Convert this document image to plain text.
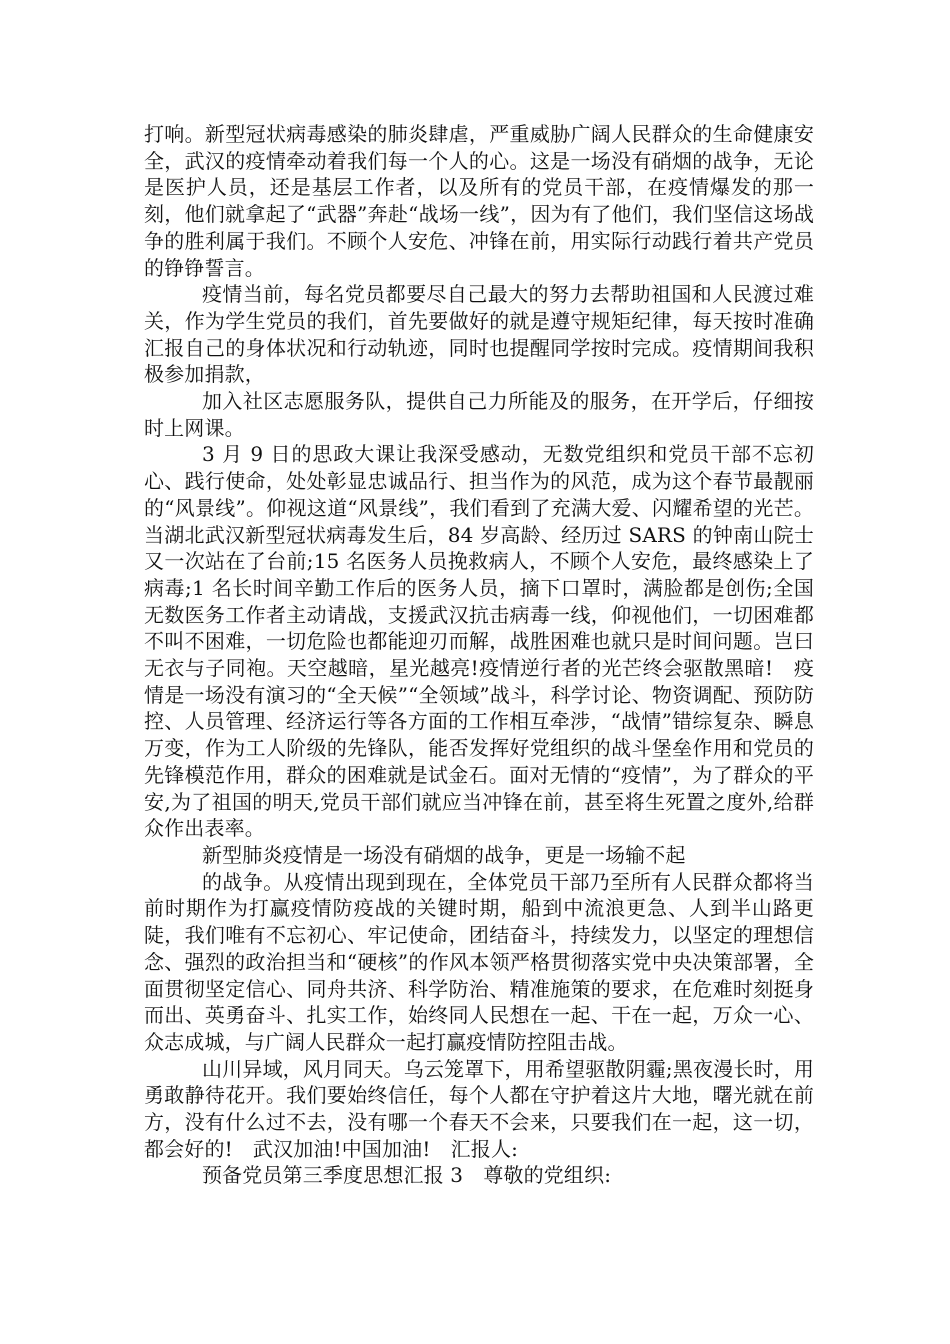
打响。新型冠状病毒感染的肺炎肆虐，严重威胁广阔人民群众的生命健康安全，武汉的疫情牵动着我们每一个人的心。这是一场没有硝烟的战争，无论是医护人员，还是基层工作者，以及所有的党员干部，在疫情爆发的那一刻，他们就拿起了“武器”奔赴“战场一线”，因为有了他们，我们坚信这场战争的胜利属于我们。不顾个人安危、冲锋在前，用实际行动践行着共产党员的铮铮誓言。

疫情当前，每名党员都要尽自己最大的努力去帮助祖国和人民渡过难关，作为学生党员的我们，首先要做好的就是遵守规矩纪律，每天按时准确汇报自己的身体状况和行动轨迹，同时也提醒同学按时完成。疫情期间我积极参加捐款，

加入社区志愿服务队，提供自己力所能及的服务，在开学后，仔细按时上网课。

3 月 9 日的思政大课让我深受感动，无数党组织和党员干部不忘初心、践行使命，处处彰显忠诚品行、担当作为的风范，成为这个春节最靓丽的“风景线”。仰视这道“风景线”，我们看到了充满大爱、闪耀希望的光芒。当湖北武汉新型冠状病毒发生后，84 岁高龄、经历过 SARS 的钟南山院士又一次站在了台前;15 名医务人员挽救病人，不顾个人安危，最终感染上了病毒;1 名长时间辛勤工作后的医务人员，摘下口罩时，满脸都是创伤;全国无数医务工作者主动请战，支援武汉抗击病毒一线，仰视他们，一切困难都不叫不困难，一切危险也都能迎刃而解，战胜困难也就只是时间问题。岂曰无衣与子同袍。天空越暗，星光越亮!疫情逆行者的光芒终会驱散黑暗!　疫情是一场没有演习的“全天候”“全领域”战斗，科学讨论、物资调配、预防防控、人员管理、经济运行等各方面的工作相互牵涉，“战情”错综复杂、瞬息万变，作为工人阶级的先锋队，能否发挥好党组织的战斗堡垒作用和党员的先锋模范作用，群众的困难就是试金石。面对无情的“疫情”，为了群众的平安,为了祖国的明天,党员干部们就应当冲锋在前，甚至将生死置之度外,给群众作出表率。

新型肺炎疫情是一场没有硝烟的战争，更是一场输不起

的战争。从疫情出现到现在，全体党员干部乃至所有人民群众都将当前时期作为打赢疫情防疫战的关键时期，船到中流浪更急、人到半山路更陡，我们唯有不忘初心、牢记使命，团结奋斗，持续发力，以坚定的理想信念、强烈的政治担当和“硬核”的作风本领严格贯彻落实党中央决策部署，全面贯彻坚定信心、同舟共济、科学防治、精准施策的要求，在危难时刻挺身而出、英勇奋斗、扎实工作，始终同人民想在一起、干在一起，万众一心、众志成城，与广阔人民群众一起打赢疫情防控阻击战。

山川异域，风月同天。乌云笼罩下，用希望驱散阴霾;黑夜漫长时，用勇敢静待花开。我们要始终信任，每个人都在守护着这片大地，曙光就在前方，没有什么过不去，没有哪一个春天不会来，只要我们在一起，这一切，都会好的!　武汉加油!中国加油!　汇报人:

预备党员第三季度思想汇报 3　尊敬的党组织:
